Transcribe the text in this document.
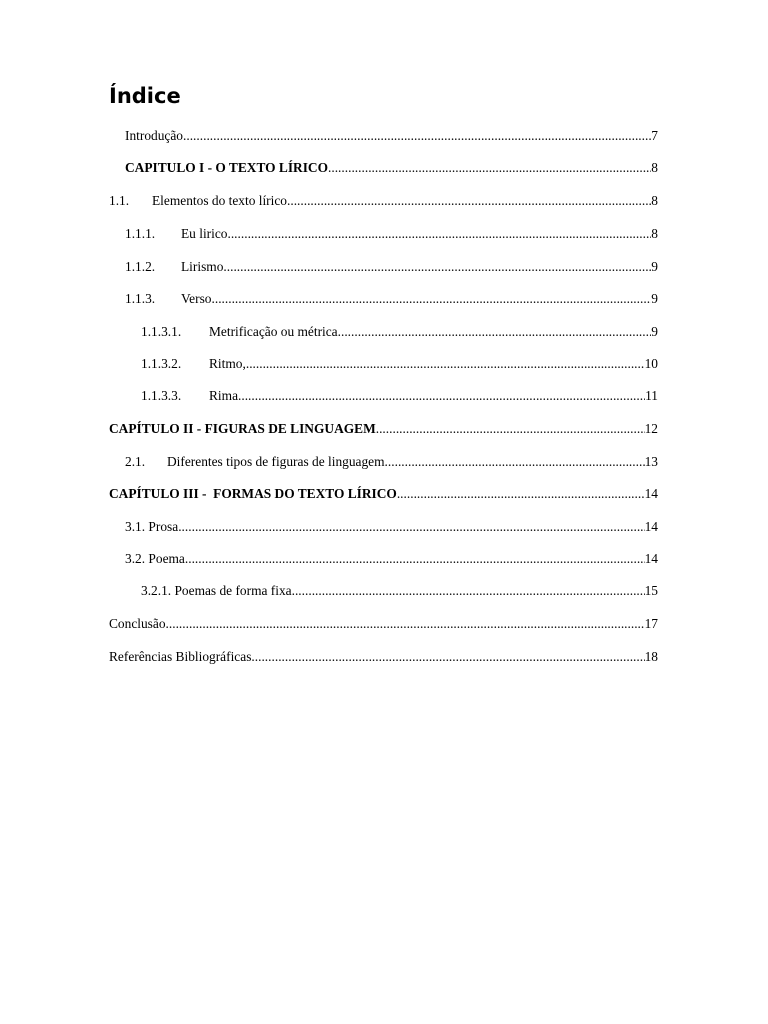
Índice
Introdução .....	7
CAPITULO I - O TEXTO LÍRICO .....	8
1.1.	Elementos do texto lírico .....	8
1.1.1.	Eu lirico .....	8
1.1.2.	Lirismo .....	9
1.1.3.	Verso .....	9
1.1.3.1.	Metrificação ou métrica .....	9
1.1.3.2.	Ritmo, .....	10
1.1.3.3.	Rima .....	11
CAPÍTULO II - FIGURAS DE LINGUAGEM .....	12
2.1.	Diferentes tipos de figuras de linguagem .....	13
CAPÍTULO III -  FORMAS DO TEXTO LÍRICO .....	14
3.1. Prosa .....	14
3.2. Poema .....	14
3.2.1. Poemas de forma fixa .....	15
Conclusão .....	17
Referências Bibliográficas .....	18
